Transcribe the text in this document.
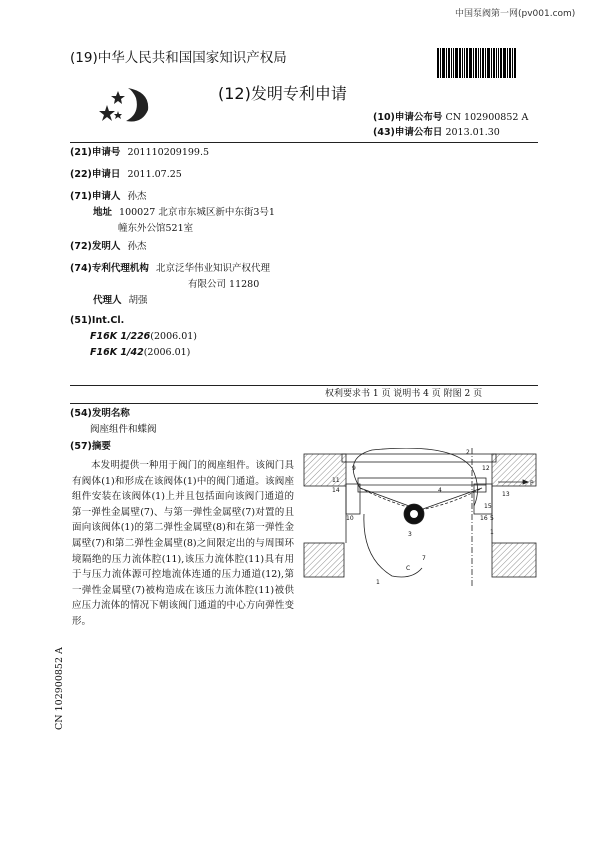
中国泵阀第一网(pv001.com)
(19)中华人民共和国国家知识产权局
(12)发明专利申请
(10)申请公布号 CN 102900852 A
(43)申请公布日 2013.01.30
(21)申请号 201110209199.5
(22)申请日 2011.07.25
(71)申请人 孙杰
地址 100027 北京市东城区新中东街3号1
幢东外公馆521室
(72)发明人 孙杰
(74)专利代理机构 北京泛华伟业知识产权代理
有限公司 11280
代理人 胡强
(51)Int.Cl.
F16K 1/226(2006.01)
F16K 1/42(2006.01)
权利要求书 1 页 说明书 4 页 附图 2 页
(54)发明名称
阀座组件和蝶阀
(57)摘要
本发明提供一种用于阀门的阀座组件。该阀门具有阀体(1)和形成在该阀体(1)中的阀门通道。该阀座组件安装在该阀体(1)上并且包括面向该阀门通道的第一弹性金属壁(7)、与第一弹性金属壁(7)对置的且面向该阀体(1)的第二弹性金属壁(8)和在第一弹性金属壁(7)和第二弹性金属壁(8)之间限定出的与周围环境隔绝的压力流体腔(11),该压力流体腔(11)具有用于与压力流体源可控地流体连通的压力通道(12),第一弹性金属壁(7)被构造成在该压力流体腔(11)被供应压力流体的情况下朝该阀门通道的中心方向弹性变形。
2
9	12
11
14	4
P
13
10
15
16 5
3	1
C
1
7
CN 102900852 A
